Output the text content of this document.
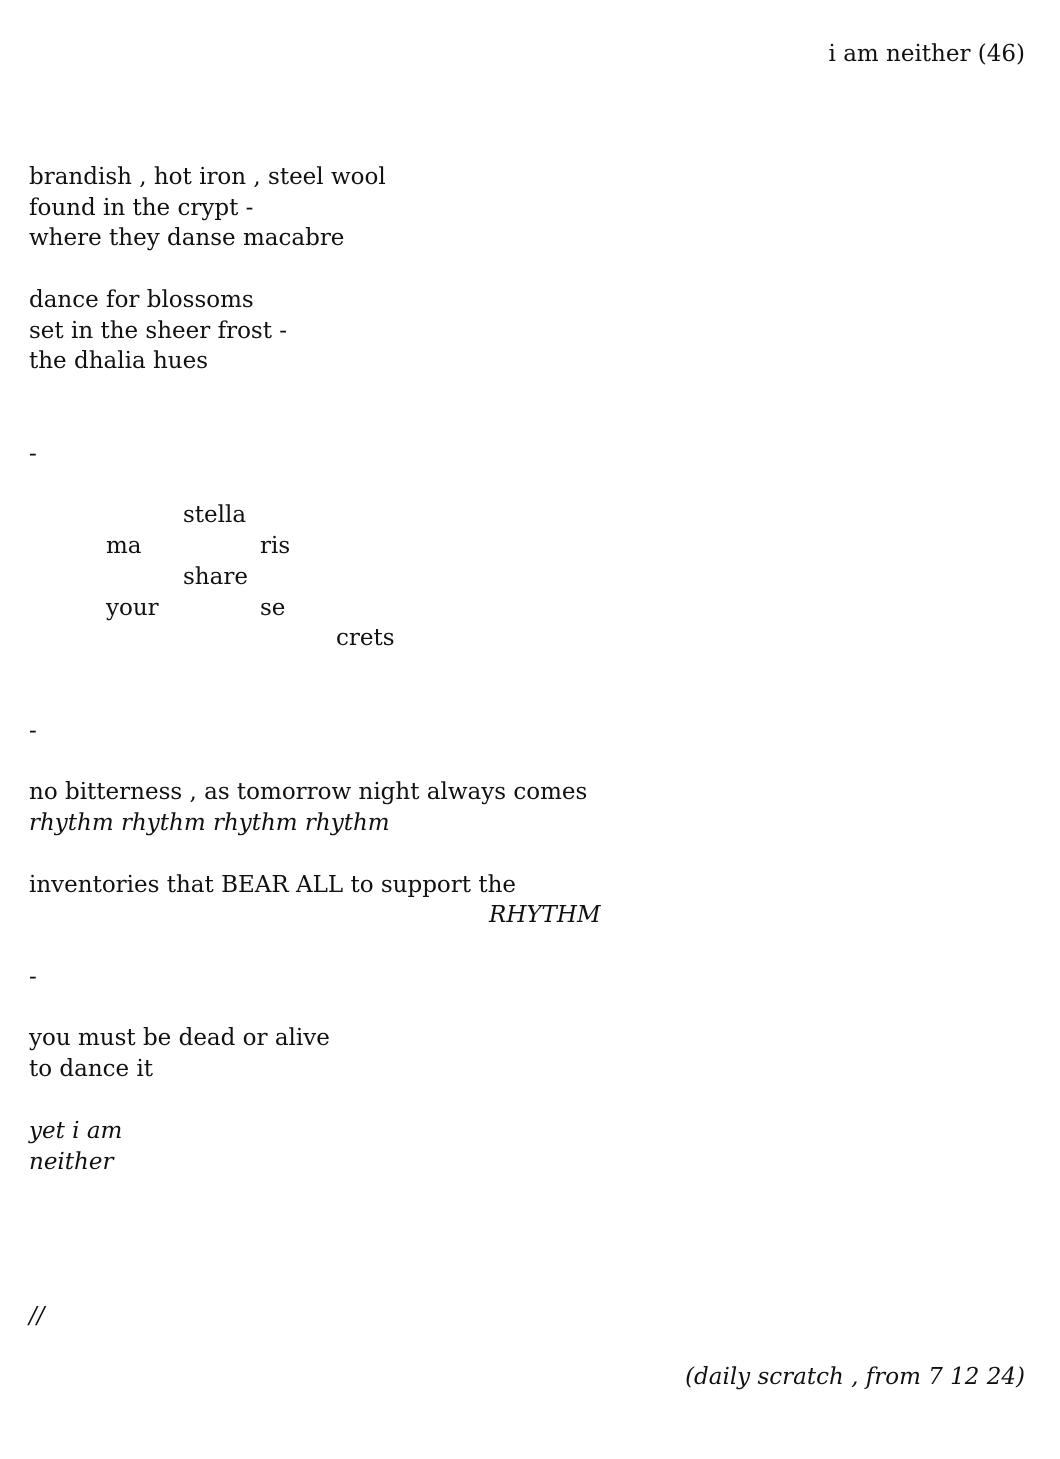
i am neither (46)
brandish , hot iron , steel wool
found in the crypt -
where they danse macabre
dance for blossoms
set in the sheer frost -
the dhalia hues
-
stella
ma	ris
share
your	se
crets
-
no bitterness , as tomorrow night always comes
rhythm rhythm rhythm rhythm
inventories that BEAR ALL to support the
RHYTHM
-
you must be dead or alive
to dance it
yet i am
neither
//
(daily scratch , from 7 12 24)
